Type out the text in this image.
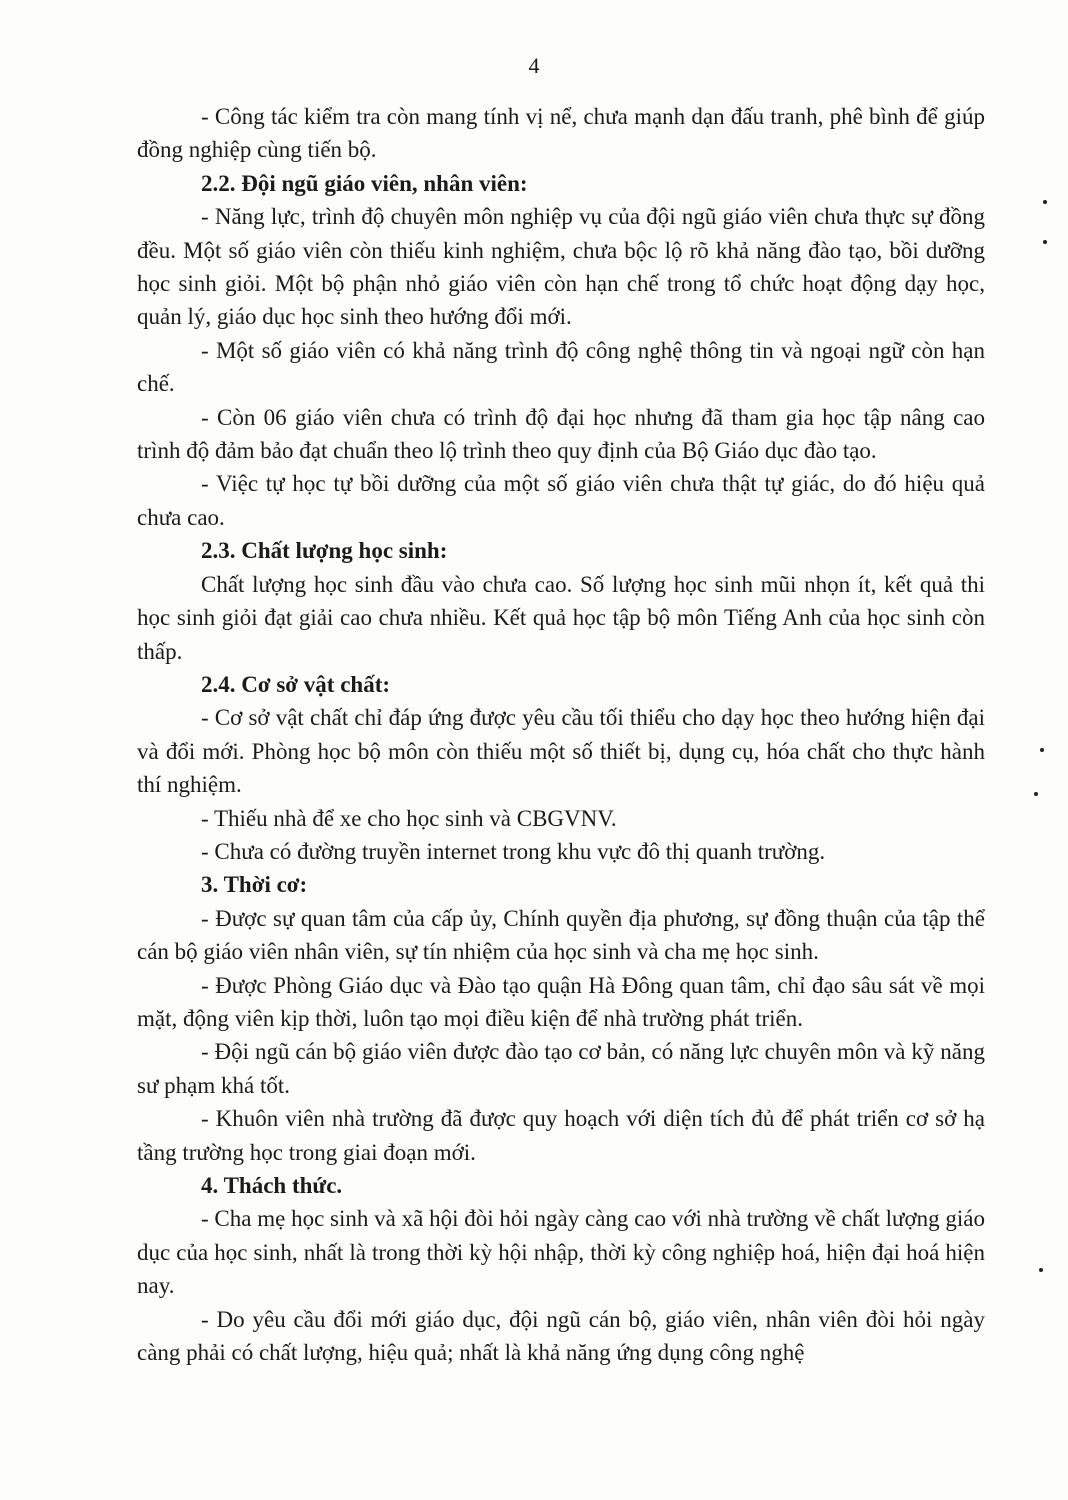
4

- Công tác kiểm tra còn mang tính vị nể, chưa mạnh dạn đấu tranh, phê bình để giúp đồng nghiệp cùng tiến bộ.

2.2. Đội ngũ giáo viên, nhân viên:

- Năng lực, trình độ chuyên môn nghiệp vụ của đội ngũ giáo viên chưa thực sự đồng đều. Một số giáo viên còn thiếu kinh nghiệm, chưa bộc lộ rõ khả năng đào tạo, bồi dưỡng học sinh giỏi. Một bộ phận nhỏ giáo viên còn hạn chế trong tổ chức hoạt động dạy học, quản lý, giáo dục học sinh theo hướng đổi mới.

- Một số giáo viên có khả năng trình độ công nghệ thông tin và ngoại ngữ còn hạn chế.

- Còn 06 giáo viên chưa có trình độ đại học nhưng đã tham gia học tập nâng cao trình độ đảm bảo đạt chuẩn theo lộ trình theo quy định của Bộ Giáo dục đào tạo.

- Việc tự học tự bồi dưỡng của một số giáo viên chưa thật tự giác, do đó hiệu quả chưa cao.

2.3. Chất lượng học sinh:

Chất lượng học sinh đầu vào chưa cao. Số lượng học sinh mũi nhọn ít, kết quả thi học sinh giỏi đạt giải cao chưa nhiều. Kết quả học tập bộ môn Tiếng Anh của học sinh còn thấp.

2.4. Cơ sở vật chất:

- Cơ sở vật chất chỉ đáp ứng được yêu cầu tối thiểu cho dạy học theo hướng hiện đại và đổi mới. Phòng học bộ môn còn thiếu một số thiết bị, dụng cụ, hóa chất cho thực hành thí nghiệm.

- Thiếu nhà để xe cho học sinh và CBGVNV.

- Chưa có đường truyền internet trong khu vực đô thị quanh trường.

3. Thời cơ:

- Được sự quan tâm của cấp ủy, Chính quyền địa phương, sự đồng thuận của tập thể cán bộ giáo viên nhân viên, sự tín nhiệm của học sinh và cha mẹ học sinh.

- Được Phòng Giáo dục và Đào tạo quận Hà Đông quan tâm, chỉ đạo sâu sát về mọi mặt, động viên kịp thời, luôn tạo mọi điều kiện để nhà trường phát triển.

- Đội ngũ cán bộ giáo viên được đào tạo cơ bản, có năng lực chuyên môn và kỹ năng sư phạm khá tốt.

- Khuôn viên nhà trường đã được quy hoạch với diện tích đủ để phát triển cơ sở hạ tầng trường học trong giai đoạn mới.

4. Thách thức.

- Cha mẹ học sinh và xã hội đòi hỏi ngày càng cao với nhà trường về chất lượng giáo dục của học sinh, nhất là trong thời kỳ hội nhập, thời kỳ công nghiệp hoá, hiện đại hoá hiện nay.

- Do yêu cầu đổi mới giáo dục, đội ngũ cán bộ, giáo viên, nhân viên đòi hỏi ngày càng phải có chất lượng, hiệu quả; nhất là khả năng ứng dụng công nghệ
